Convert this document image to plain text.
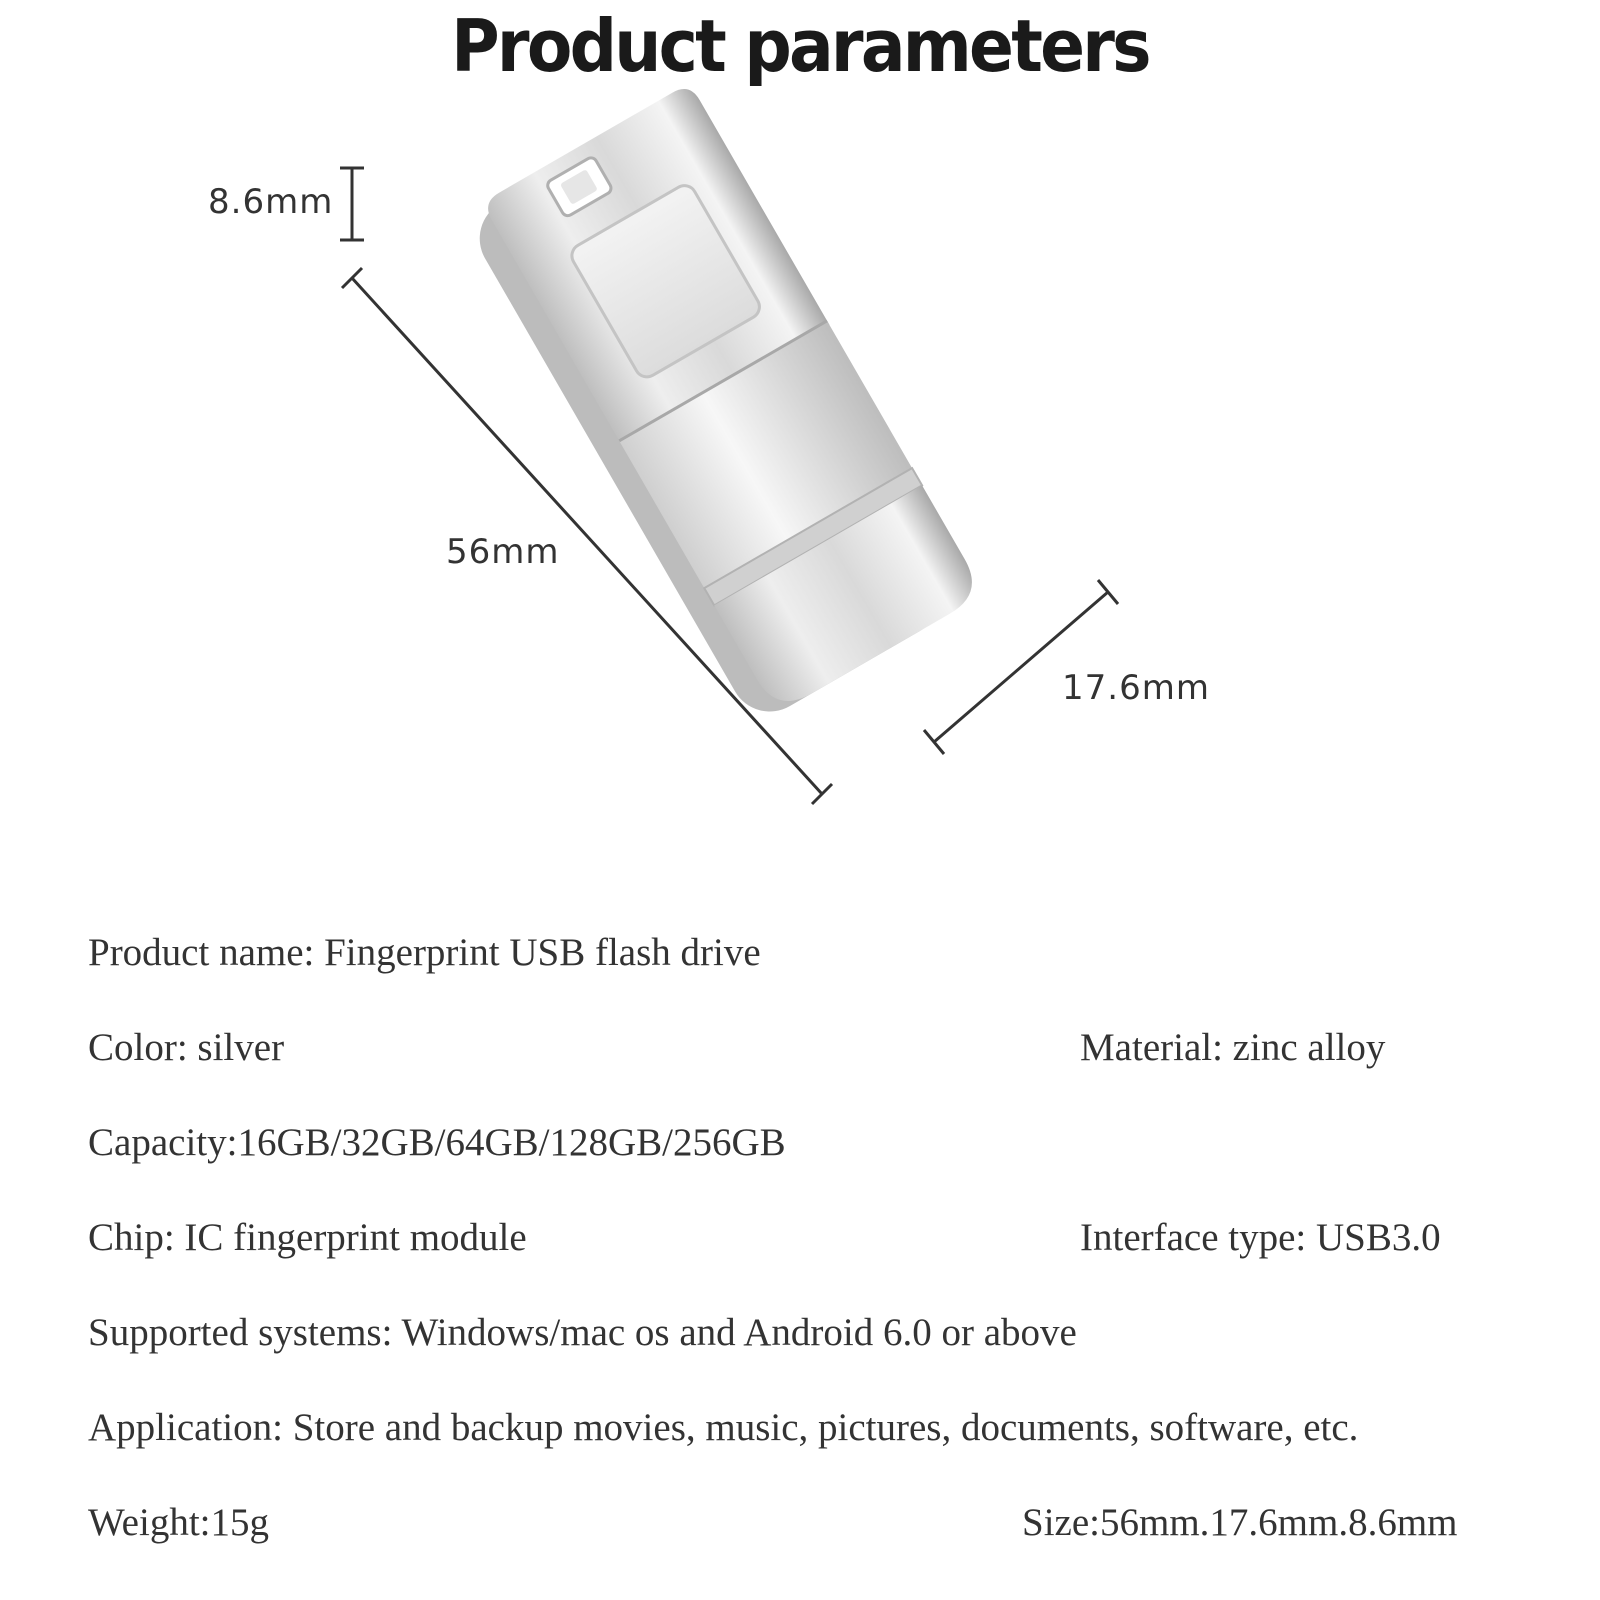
Product parameters
8.6mm
56mm
17.6mm
Product name: Fingerprint USB flash drive
Color: silver	Material: zinc alloy
Capacity:16GB/32GB/64GB/128GB/256GB
Chip: IC fingerprint module	Interface type: USB3.0
Supported systems: Windows/mac os and Android 6.0 or above
Application: Store and backup movies, music, pictures, documents, software, etc.
Weight:15g	Size:56mm.17.6mm.8.6mm
